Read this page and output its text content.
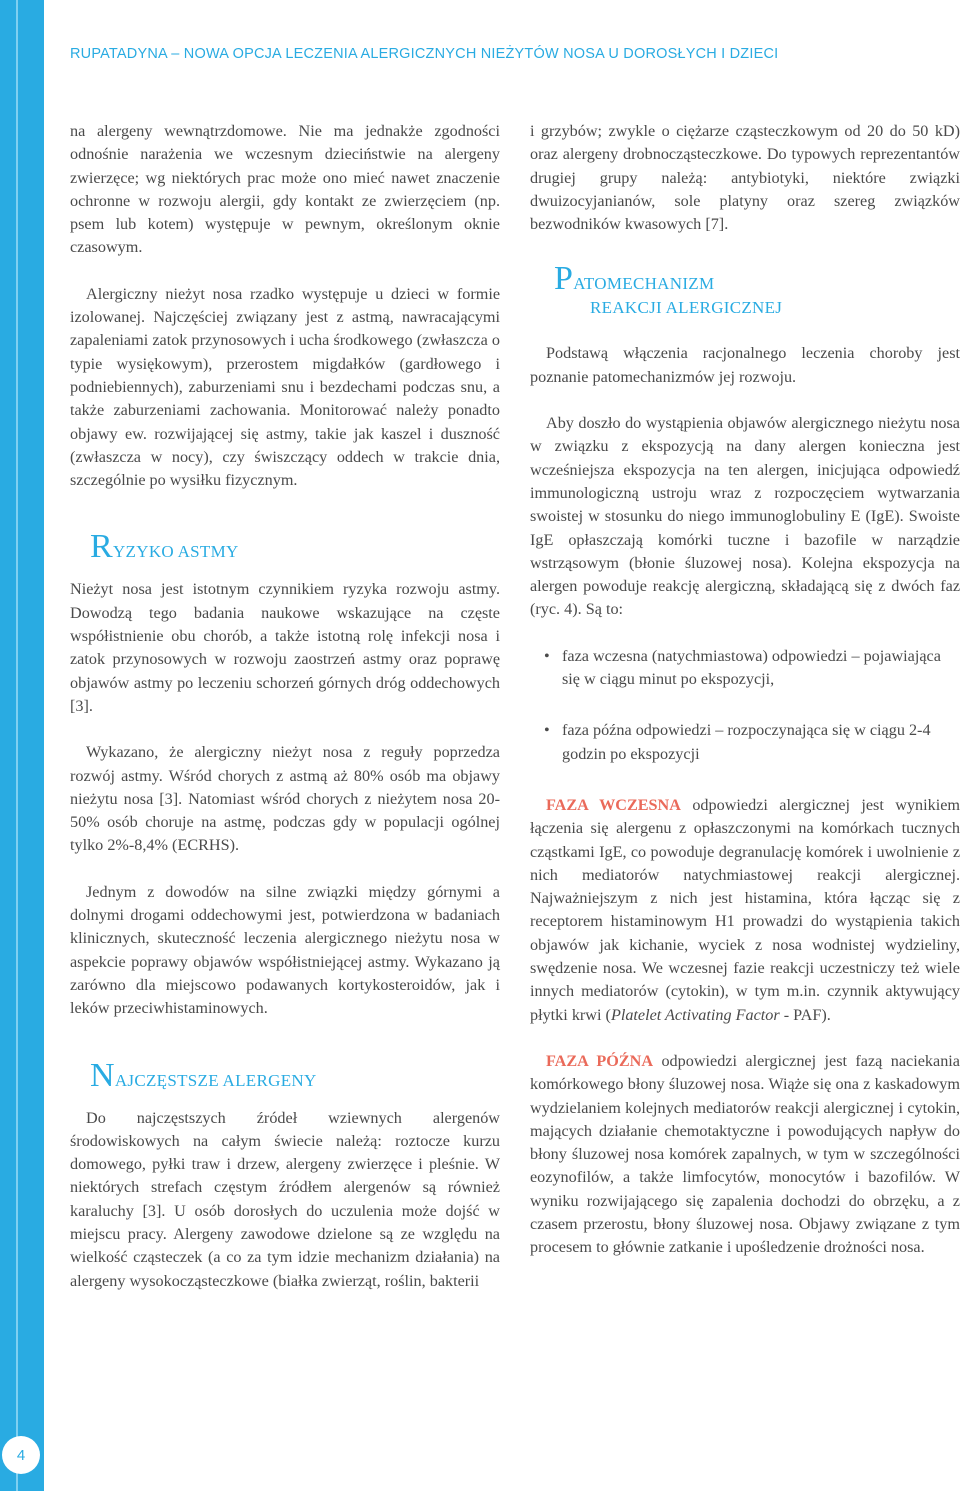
4
RUPATADYNA – NOWA OPCJA LECZENIA ALERGICZNYCH NIEŻYTÓW NOSA U DOROSŁYCH I DZIECI

na alergeny wewnątrzdomowe. Nie ma jednakże zgodności odnośnie narażenia we wczesnym dzieciństwie na alergeny zwierzęce; wg niektórych prac może ono mieć nawet znaczenie ochronne w rozwoju alergii, gdy kontakt ze zwierzęciem (np. psem lub kotem) występuje w pewnym, określonym oknie czasowym.

Alergiczny nieżyt nosa rzadko występuje u dzieci w formie izolowanej. Najczęściej związany jest z astmą, nawracającymi zapaleniami zatok przynosowych i ucha środkowego (zwłaszcza o typie wysiękowym), przerostem migdałków (gardłowego i podniebiennych), zaburzeniami snu i bezdechami podczas snu, a także zaburzeniami zachowania. Monitorować należy ponadto objawy ew. rozwijającej się astmy, takie jak kaszel i duszność (zwłaszcza w nocy), czy świszczący oddech w trakcie dnia, szczególnie po wysiłku fizycznym.

RYZYKO ASTMY

Nieżyt nosa jest istotnym czynnikiem ryzyka rozwoju astmy. Dowodzą tego badania naukowe wskazujące na częste współistnienie obu chorób, a także istotną rolę infekcji nosa i zatok przynosowych w rozwoju zaostrzeń astmy oraz poprawę objawów astmy po leczeniu schorzeń górnych dróg oddechowych [3].

Wykazano, że alergiczny nieżyt nosa z reguły poprzedza rozwój astmy. Wśród chorych z astmą aż 80% osób ma objawy nieżytu nosa [3]. Natomiast wśród chorych z nieżytem nosa 20-50% osób choruje na astmę, podczas gdy w populacji ogólnej tylko 2%-8,4% (ECRHS).

Jednym z dowodów na silne związki między górnymi a dolnymi drogami oddechowymi jest, potwierdzona w badaniach klinicznych, skuteczność leczenia alergicznego nieżytu nosa w aspekcie poprawy objawów współistniejącej astmy. Wykazano ją zarówno dla miejscowo podawanych kortykosteroidów, jak i leków przeciwhistaminowych.

NAJCZĘSTSZE ALERGENY

Do najczęstszych źródeł wziewnych alergenów środowiskowych na całym świecie należą: roztocze kurzu domowego, pyłki traw i drzew, alergeny zwierzęce i pleśnie. W niektórych strefach częstym źródłem alergenów są również karaluchy [3]. U osób dorosłych do uczulenia może dojść w miejscu pracy. Alergeny zawodowe dzielone są ze względu na wielkość cząsteczek (a co za tym idzie mechanizm działania) na alergeny wysokocząsteczkowe (białka zwierząt, roślin, bakterii

i grzybów; zwykle o ciężarze cząsteczkowym od 20 do 50 kD) oraz alergeny drobnocząsteczkowe. Do typowych reprezentantów drugiej grupy należą: antybiotyki, niektóre związki dwuizocyjanianów, sole platyny oraz szereg związków bezwodników kwasowych [7].

PATOMECHANIZM
REAKCJI ALERGICZNEJ

Podstawą włączenia racjonalnego leczenia choroby jest poznanie patomechanizmów jej rozwoju.

Aby doszło do wystąpienia objawów alergicznego nieżytu nosa w związku z ekspozycją na dany alergen konieczna jest wcześniejsza ekspozycja na ten alergen, inicjująca odpowiedź immunologiczną ustroju wraz z rozpoczęciem wytwarzania swoistej w stosunku do niego immunoglobuliny E (IgE). Swoiste IgE opłaszczają komórki tuczne i bazofile w narządzie wstrząsowym (błonie śluzowej nosa). Kolejna ekspozycja na alergen powoduje reakcję alergiczną, składającą się z dwóch faz (ryc. 4). Są to:

• faza wczesna (natychmiastowa) odpowiedzi – pojawiająca się w ciągu minut po ekspozycji,
• faza późna odpowiedzi – rozpoczynająca się w ciągu 2-4 godzin po ekspozycji

FAZA WCZESNA odpowiedzi alergicznej jest wynikiem łączenia się alergenu z opłaszczonymi na komórkach tucznych cząstkami IgE, co powoduje degranulację komórek i uwolnienie z nich mediatorów natychmiastowej reakcji alergicznej. Najważniejszym z nich jest histamina, która łącząc się z receptorem histaminowym H1 prowadzi do wystąpienia takich objawów jak kichanie, wyciek z nosa wodnistej wydzieliny, swędzenie nosa. We wczesnej fazie reakcji uczestniczy też wiele innych mediatorów (cytokin), w tym m.in. czynnik aktywujący płytki krwi (Platelet Activating Factor - PAF).

FAZA PÓŹNA odpowiedzi alergicznej jest fazą naciekania komórkowego błony śluzowej nosa. Wiąże się ona z kaskadowym wydzielaniem kolejnych mediatorów reakcji alergicznej i cytokin, mających działanie chemotaktyczne i powodujących napływ do błony śluzowej nosa komórek zapalnych, w tym w szczególności eozynofilów, a także limfocytów, monocytów i bazofilów. W wyniku rozwijającego się zapalenia dochodzi do obrzęku, a z czasem przerostu, błony śluzowej nosa. Objawy związane z tym procesem to głównie zatkanie i upośledzenie drożności nosa.
